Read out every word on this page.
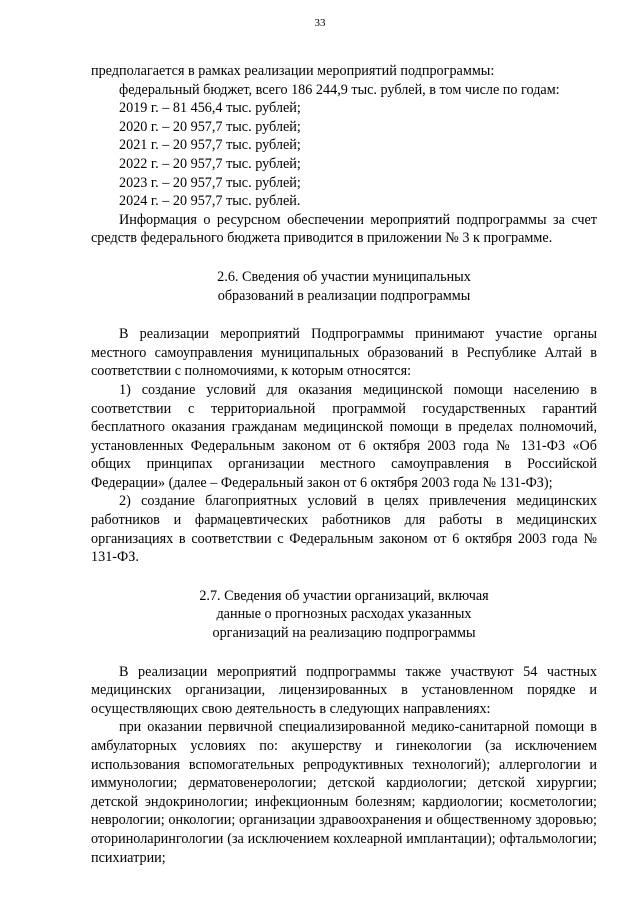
33

предполагается в рамках реализации мероприятий подпрограммы:

федеральный бюджет, всего 186 244,9 тыс. рублей, в том числе по годам:

2019 г. – 81 456,4 тыс. рублей;

2020 г. – 20 957,7 тыс. рублей;

2021 г. – 20 957,7 тыс. рублей;

2022 г. – 20 957,7 тыс. рублей;

2023 г. – 20 957,7 тыс. рублей;

2024 г. – 20 957,7 тыс. рублей.

Информация о ресурсном обеспечении мероприятий подпрограммы за счет средств федерального бюджета приводится в приложении № 3 к программе.

2.6. Сведения об участии муниципальных

образований в реализации подпрограммы

В реализации мероприятий Подпрограммы принимают участие органы местного самоуправления муниципальных образований в Республике Алтай в соответствии с полномочиями, к которым относятся:

1) создание условий для оказания медицинской помощи населению в соответствии с территориальной программой государственных гарантий бесплатного оказания гражданам медицинской помощи в пределах полномочий, установленных Федеральным законом от 6 октября 2003 года № 131-ФЗ «Об общих принципах организации местного самоуправления в Российской Федерации» (далее – Федеральный закон от 6 октября 2003 года № 131-ФЗ);

2) создание благоприятных условий в целях привлечения медицинских работников и фармацевтических работников для работы в медицинских организациях в соответствии с Федеральным законом от 6 октября 2003 года № 131-ФЗ.

2.7. Сведения об участии организаций, включая

данные о прогнозных расходах указанных

организаций на реализацию подпрограммы

В реализации мероприятий подпрограммы также участвуют 54 частных медицинских организации, лицензированных в установленном порядке и осуществляющих свою деятельность в следующих направлениях:

при оказании первичной специализированной медико-санитарной помощи в амбулаторных условиях по: акушерству и гинекологии (за исключением использования вспомогательных репродуктивных технологий); аллергологии и иммунологии; дерматовенерологии; детской кардиологии; детской хирургии; детской эндокринологии; инфекционным болезням; кардиологии; косметологии; неврологии; онкологии; организации здравоохранения и общественному здоровью; оториноларингологии (за исключением кохлеарной имплантации); офтальмологии; психиатрии;
